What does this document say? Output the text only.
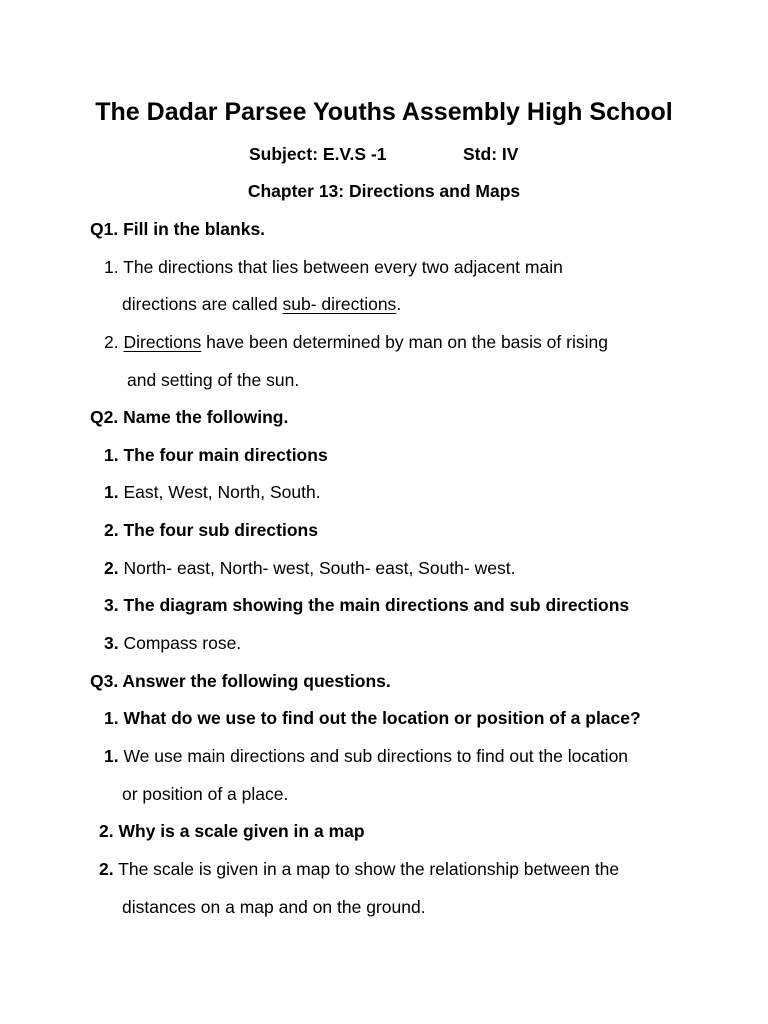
The Dadar Parsee Youths Assembly High School
Subject: E.V.S -1	Std: IV
Chapter 13: Directions and Maps
Q1. Fill in the blanks.
1. The directions that lies between every two adjacent main
directions are called sub- directions.
2. Directions have been determined by man on the basis of rising
and setting of the sun.
Q2. Name the following.
1. The four main directions
1. East, West, North, South.
2. The four sub directions
2. North- east, North- west, South- east, South- west.
3. The diagram showing the main directions and sub directions
3. Compass rose.
Q3. Answer the following questions.
1. What do we use to find out the location or position of a place?
1. We use main directions and sub directions to find out the location
or position of a place.
2. Why is a scale given in a map
2. The scale is given in a map to show the relationship between the
distances on a map and on the ground.
